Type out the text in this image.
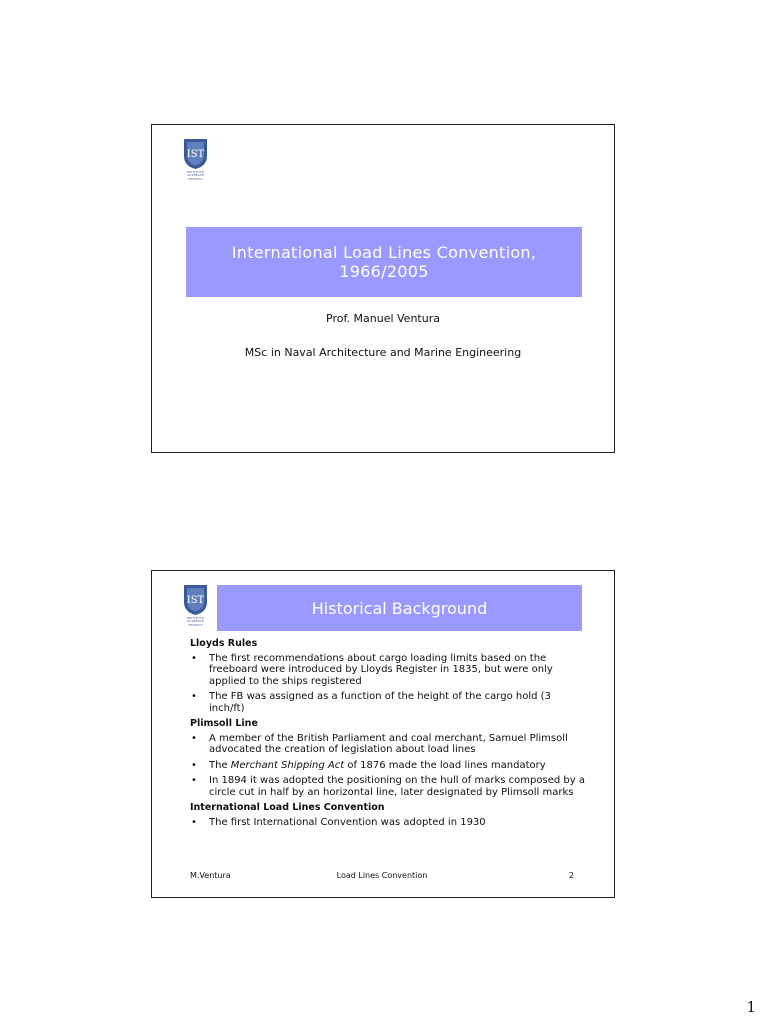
IST
INSTITUTO
SUPERIOR
TÉCNICO
International Load Lines Convention,
1966/2005
Prof. Manuel Ventura
MSc in Naval Architecture and Marine Engineering
IST
INSTITUTO
SUPERIOR
TÉCNICO
Historical Background
Lloyds Rules
• The first recommendations about cargo loading limits based on the freeboard were introduced by Lloyds Register in 1835, but were only applied to the ships registered
• The FB was assigned as a function of the height of the cargo hold (3 inch/ft)
Plimsoll Line
• A member of the British Parliament and coal merchant, Samuel Plimsoll advocated the creation of legislation about load lines
• The Merchant Shipping Act of 1876 made the load lines mandatory
• In 1894 it was adopted the positioning on the hull of marks composed by a circle cut in half by an horizontal line, later designated by Plimsoll marks
International Load Lines Convention
• The first International Convention was adopted in 1930
M.Ventura	Load Lines Convention	2
1
